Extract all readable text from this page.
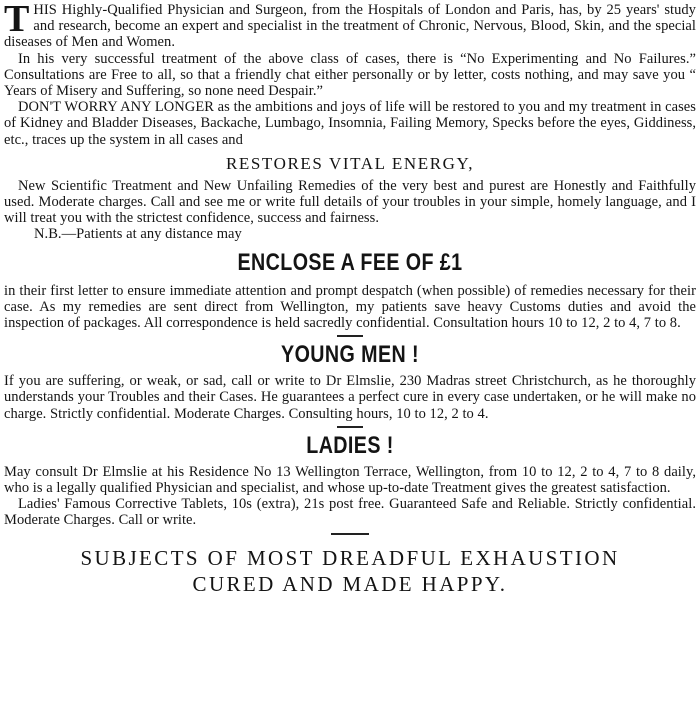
THIS Highly-Qualified Physician and Surgeon, from the Hospitals of London and Paris, has, by 25 years' study and research, become an expert and specialist in the treatment of Chronic, Nervous, Blood, Skin, and the special diseases of Men and Women.

In his very successful treatment of the above class of cases, there is “No Experimenting and No Failures.” Consultations are Free to all, so that a friendly chat either personally or by letter, costs nothing, and may save you “ Years of Misery and Suffering, so none need Despair.”

DON'T WORRY ANY LONGER as the ambitions and joys of life will be restored to you and my treatment in cases of Kidney and Bladder Diseases, Backache, Lumbago, Insomnia, Failing Memory, Specks before the eyes, Giddiness, etc., traces up the system in all cases and

RESTORES VITAL ENERGY,

New Scientific Treatment and New Unfailing Remedies of the very best and purest are Honestly and Faithfully used. Moderate charges. Call and see me or write full details of your troubles in your simple, homely language, and I will treat you with the strictest confidence, success and fairness.

N.B.—Patients at any distance may

ENCLOSE A FEE OF £1

in their first letter to ensure immediate attention and prompt despatch (when possible) of remedies necessary for their case. As my remedies are sent direct from Wellington, my patients save heavy Customs duties and avoid the inspection of packages. All correspondence is held sacredly confidential. Consultation hours 10 to 12, 2 to 4, 7 to 8.

YOUNG MEN !

If you are suffering, or weak, or sad, call or write to Dr Elmslie, 230 Madras street Christchurch, as he thoroughly understands your Troubles and their Cases. He guarantees a perfect cure in every case undertaken, or he will make no charge. Strictly confidential. Moderate Charges. Consulting hours, 10 to 12, 2 to 4.

LADIES !

May consult Dr Elmslie at his Residence No 13 Wellington Terrace, Wellington, from 10 to 12, 2 to 4, 7 to 8 daily, who is a legally qualified Physician and specialist, and whose up-to-date Treatment gives the greatest satisfaction.

Ladies' Famous Corrective Tablets, 10s (extra), 21s post free. Guaranteed Safe and Reliable. Strictly confidential. Moderate Charges. Call or write.

SUBJECTS OF MOST DREADFUL EXHAUSTION
CURED AND MADE HAPPY.
